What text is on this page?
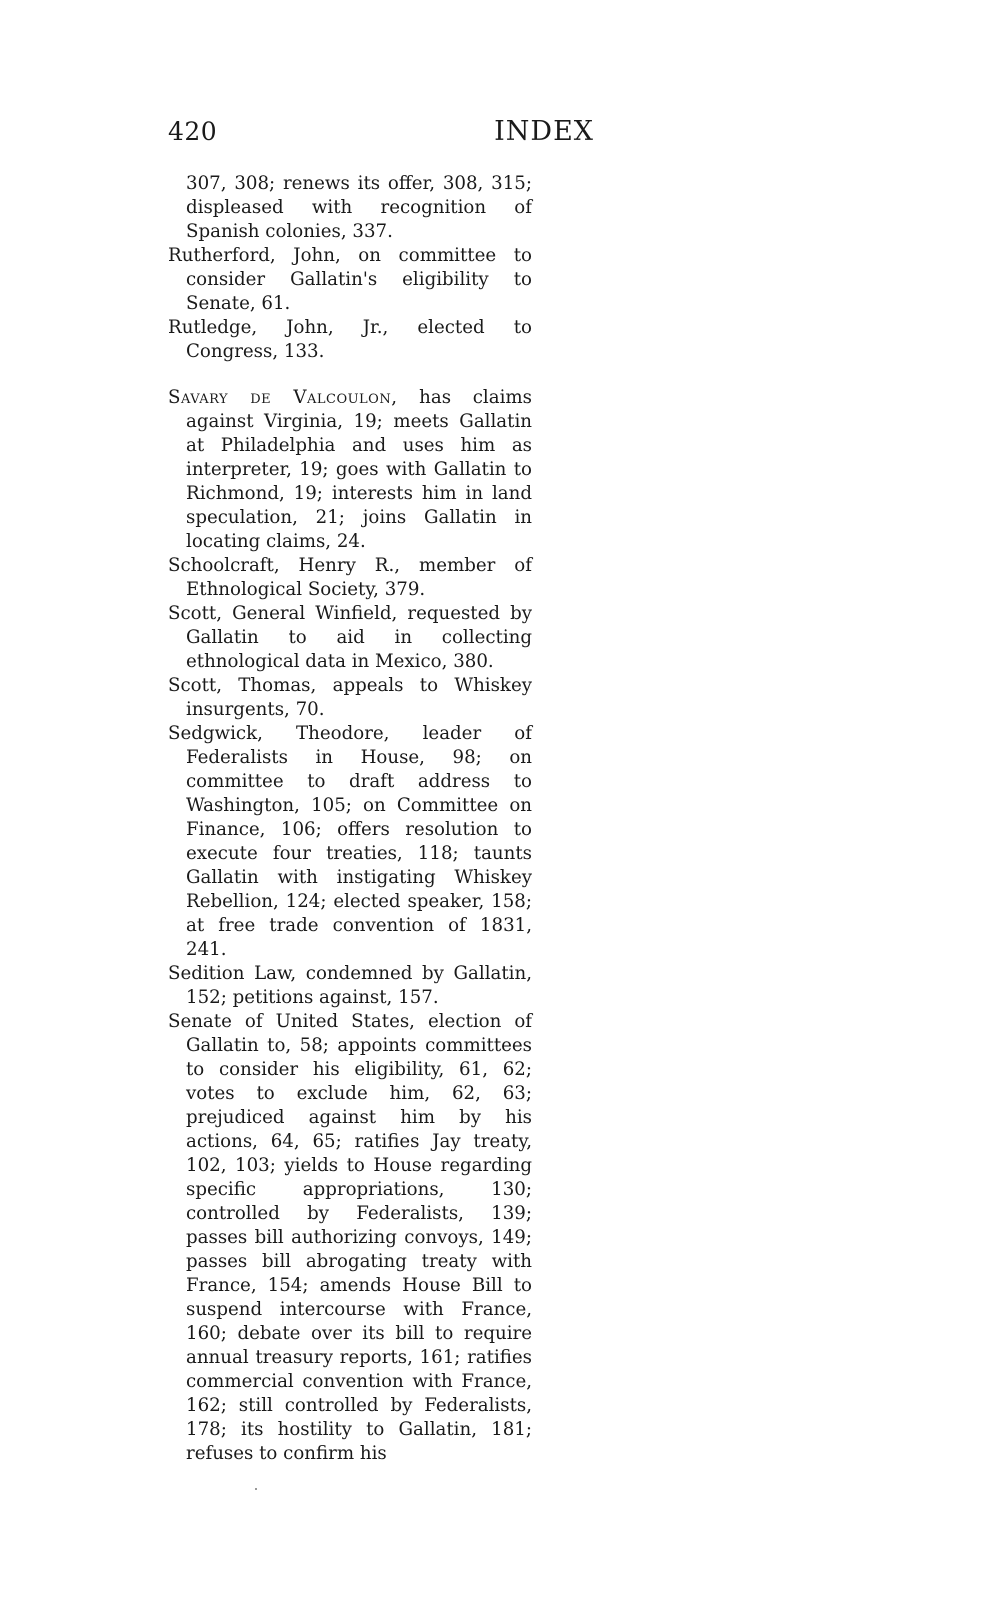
420	INDEX

307, 308; renews its offer, 308, 315; displeased with recognition of Spanish colonies, 337.

Rutherford, John, on committee to consider Gallatin's eligibility to Senate, 61.

Rutledge, John, Jr., elected to Congress, 133.

Savary de Valcoulon, has claims against Virginia, 19; meets Gallatin at Philadelphia and uses him as interpreter, 19; goes with Gallatin to Richmond, 19; interests him in land speculation, 21; joins Gallatin in locating claims, 24.

Schoolcraft, Henry R., member of Ethnological Society, 379.

Scott, General Winfield, requested by Gallatin to aid in collecting ethnological data in Mexico, 380.

Scott, Thomas, appeals to Whiskey insurgents, 70.

Sedgwick, Theodore, leader of Federalists in House, 98; on committee to draft address to Washington, 105; on Committee on Finance, 106; offers resolution to execute four treaties, 118; taunts Gallatin with instigating Whiskey Rebellion, 124; elected speaker, 158; at free trade convention of 1831, 241.

Sedition Law, condemned by Gallatin, 152; petitions against, 157.

Senate of United States, election of Gallatin to, 58; appoints committees to consider his eligibility, 61, 62; votes to exclude him, 62, 63; prejudiced against him by his actions, 64, 65; ratifies Jay treaty, 102, 103; yields to House regarding specific appropriations, 130; controlled by Federalists, 139; passes bill authorizing convoys, 149; passes bill abrogating treaty with France, 154; amends House Bill to suspend intercourse with France, 160; debate over its bill to require annual treasury reports, 161; ratifies commercial convention with France, 162; still controlled by Federalists, 178; its hostility to Gallatin, 181; refuses to confirm his
